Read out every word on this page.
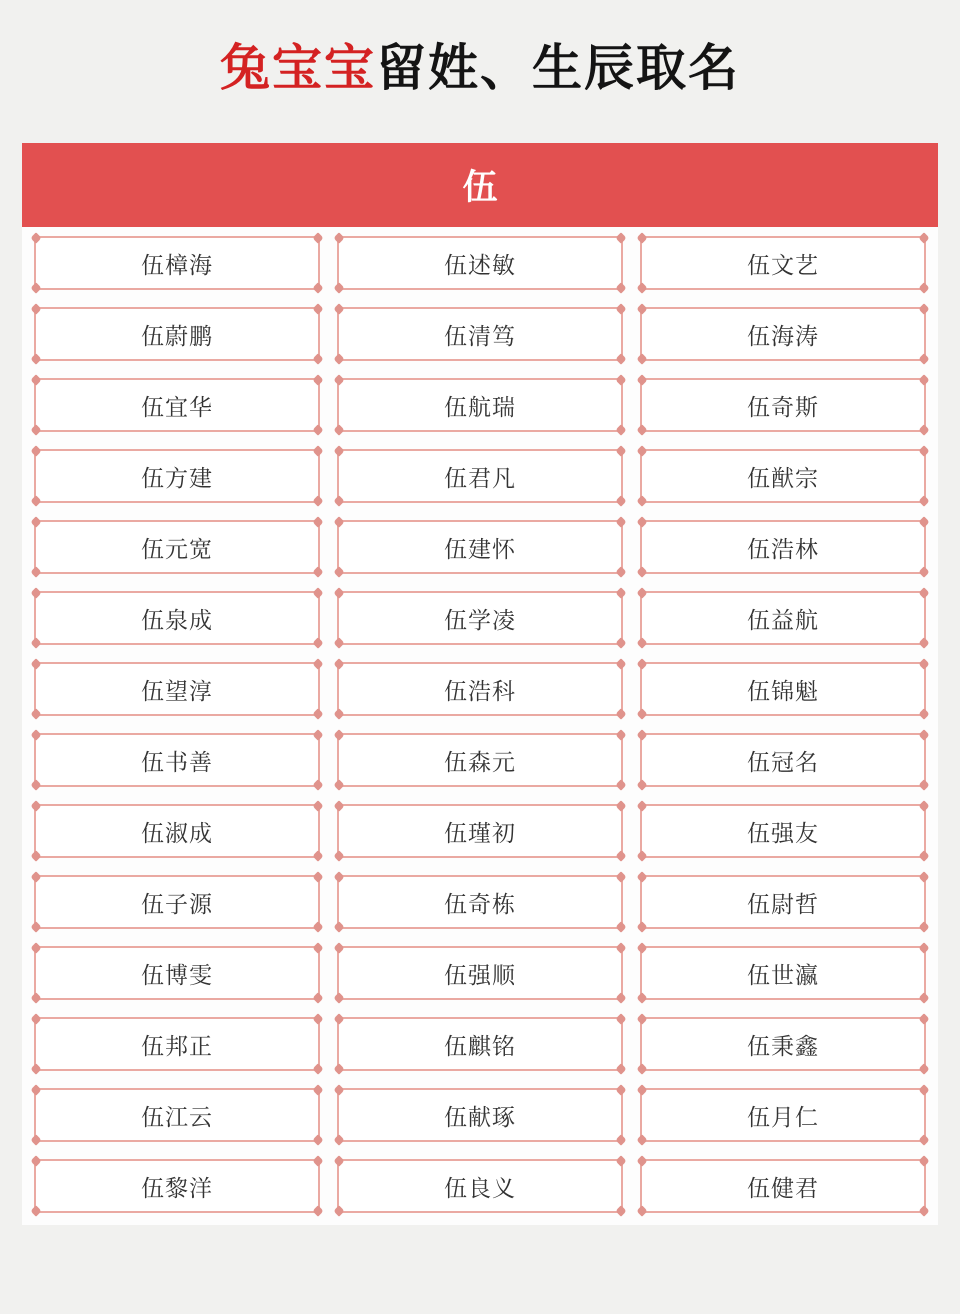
兔宝宝留姓、生辰取名
伍
伍樟海	伍述敏	伍文艺
伍蔚鹏	伍清笃	伍海涛
伍宜华	伍航瑞	伍奇斯
伍方建	伍君凡	伍猷宗
伍元宽	伍建怀	伍浩林
伍泉成	伍学凌	伍益航
伍望淳	伍浩科	伍锦魁
伍书善	伍森元	伍冠名
伍淑成	伍瑾初	伍强友
伍子源	伍奇栋	伍尉哲
伍博雯	伍强顺	伍世瀛
伍邦正	伍麒铭	伍秉鑫
伍江云	伍献琢	伍月仁
伍黎洋	伍良义	伍健君
